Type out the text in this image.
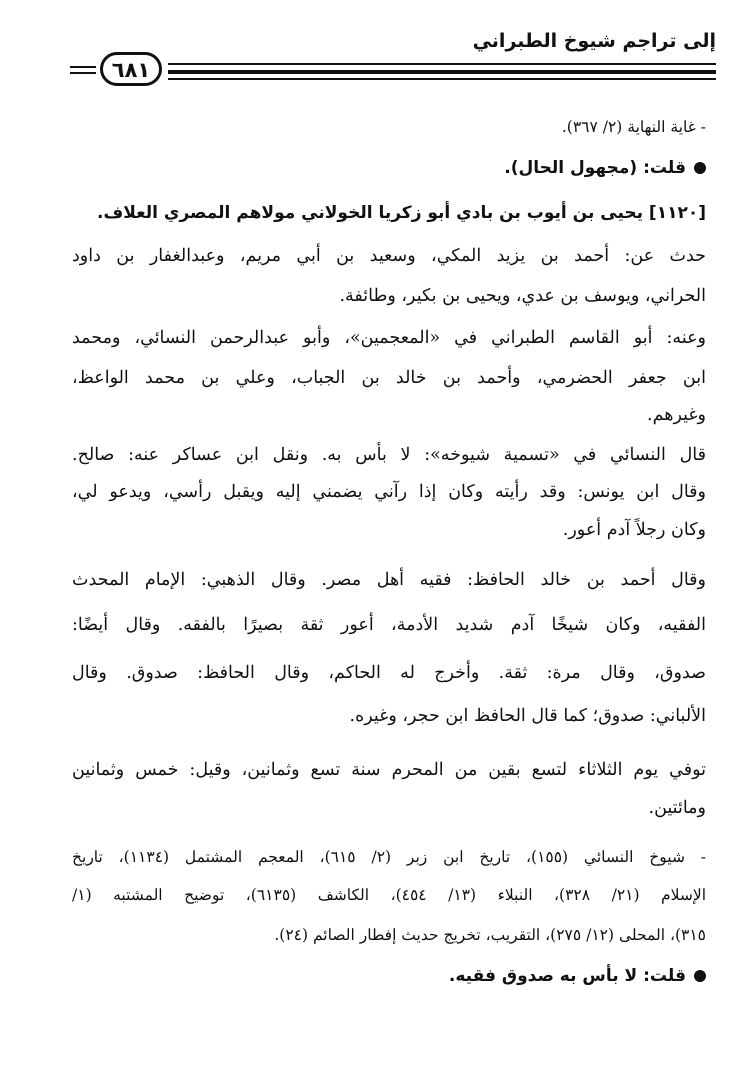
إلى تراجم شيوخ الطبراني
٦٨١
- غاية النهاية (٢/ ٣٦٧).
قلت: (مجهول الحال).
[١١٢٠] يحيى بن أيوب بن بادي أبو زكريا الخولاني مولاهم المصري العلاف.
حدث عن: أحمد بن يزيد المكي، وسعيد بن أبي مريم، وعبدالغفار بن داود
الحراني، ويوسف بن عدي، ويحيى بن بكير، وطائفة.
وعنه: أبو القاسم الطبراني في «المعجمين»، وأبو عبدالرحمن النسائي، ومحمد
ابن جعفر الحضرمي، وأحمد بن خالد بن الجباب، وعلي بن محمد الواعظ،
وغيرهم.
قال النسائي في «تسمية شيوخه»: لا بأس به. ونقل ابن عساكر عنه: صالح.
وقال ابن يونس: وقد رأيته وكان إذا رآني يضمني إليه ويقبل رأسي، ويدعو لي،
وكان رجلاً آدم أعور.
وقال أحمد بن خالد الحافظ: فقيه أهل مصر. وقال الذهبي: الإمام المحدث
الفقيه، وكان شيخًا آدم شديد الأدمة، أعور ثقة بصيرًا بالفقه. وقال أيضًا:
صدوق، وقال مرة: ثقة. وأخرج له الحاكم، وقال الحافظ: صدوق. وقال
الألباني: صدوق؛ كما قال الحافظ ابن حجر، وغيره.
توفي يوم الثلاثاء لتسع بقين من المحرم سنة تسع وثمانين، وقيل: خمس وثمانين
ومائتين.
- شيوخ النسائي (١٥٥)، تاريخ ابن زبر (٢/ ٦١٥)، المعجم المشتمل (١١٣٤)، تاريخ
الإسلام (٢١/ ٣٢٨)، النبلاء (١٣/ ٤٥٤)، الكاشف (٦١٣٥)، توضيح المشتبه (١/
٣١٥)، المحلى (١٢/ ٢٧٥)، التقريب، تخريج حديث إفطار الصائم (٢٤).
قلت: لا بأس به صدوق فقيه.
